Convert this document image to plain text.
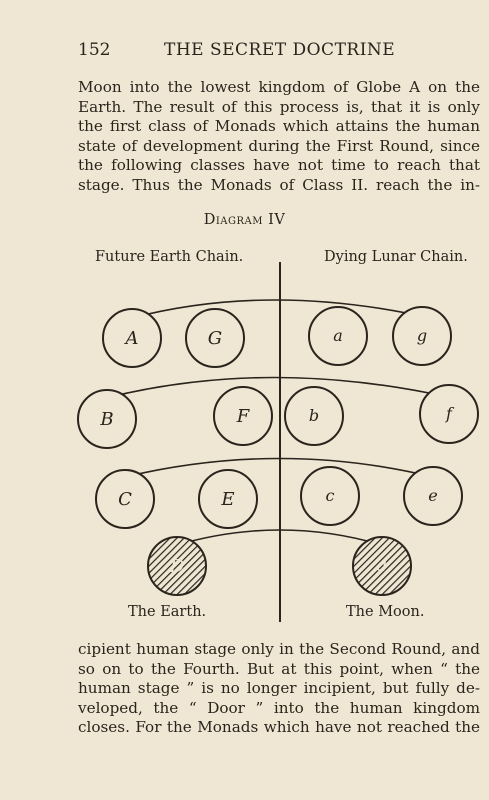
152	THE SECRET DOCTRINE
Moon into the lowest kingdom of Globe A on the
Earth. The result of this process is, that it is only
the first class of Monads which attains the human
state of development during the First Round, since
the following classes have not time to reach that
stage. Thus the Monads of Class II. reach the in-
Diagram IV
Future Earth Chain.	Dying Lunar Chain.
A	G	a	g
B	F	b	f
C	E	c	e
D	d
The Earth.	The Moon.
cipient human stage only in the Second Round, and
so on to the Fourth. But at this point, when “ the
human stage ” is no longer incipient, but fully de-
veloped, the “ Door ” into the human kingdom
closes. For the Monads which have not reached the
